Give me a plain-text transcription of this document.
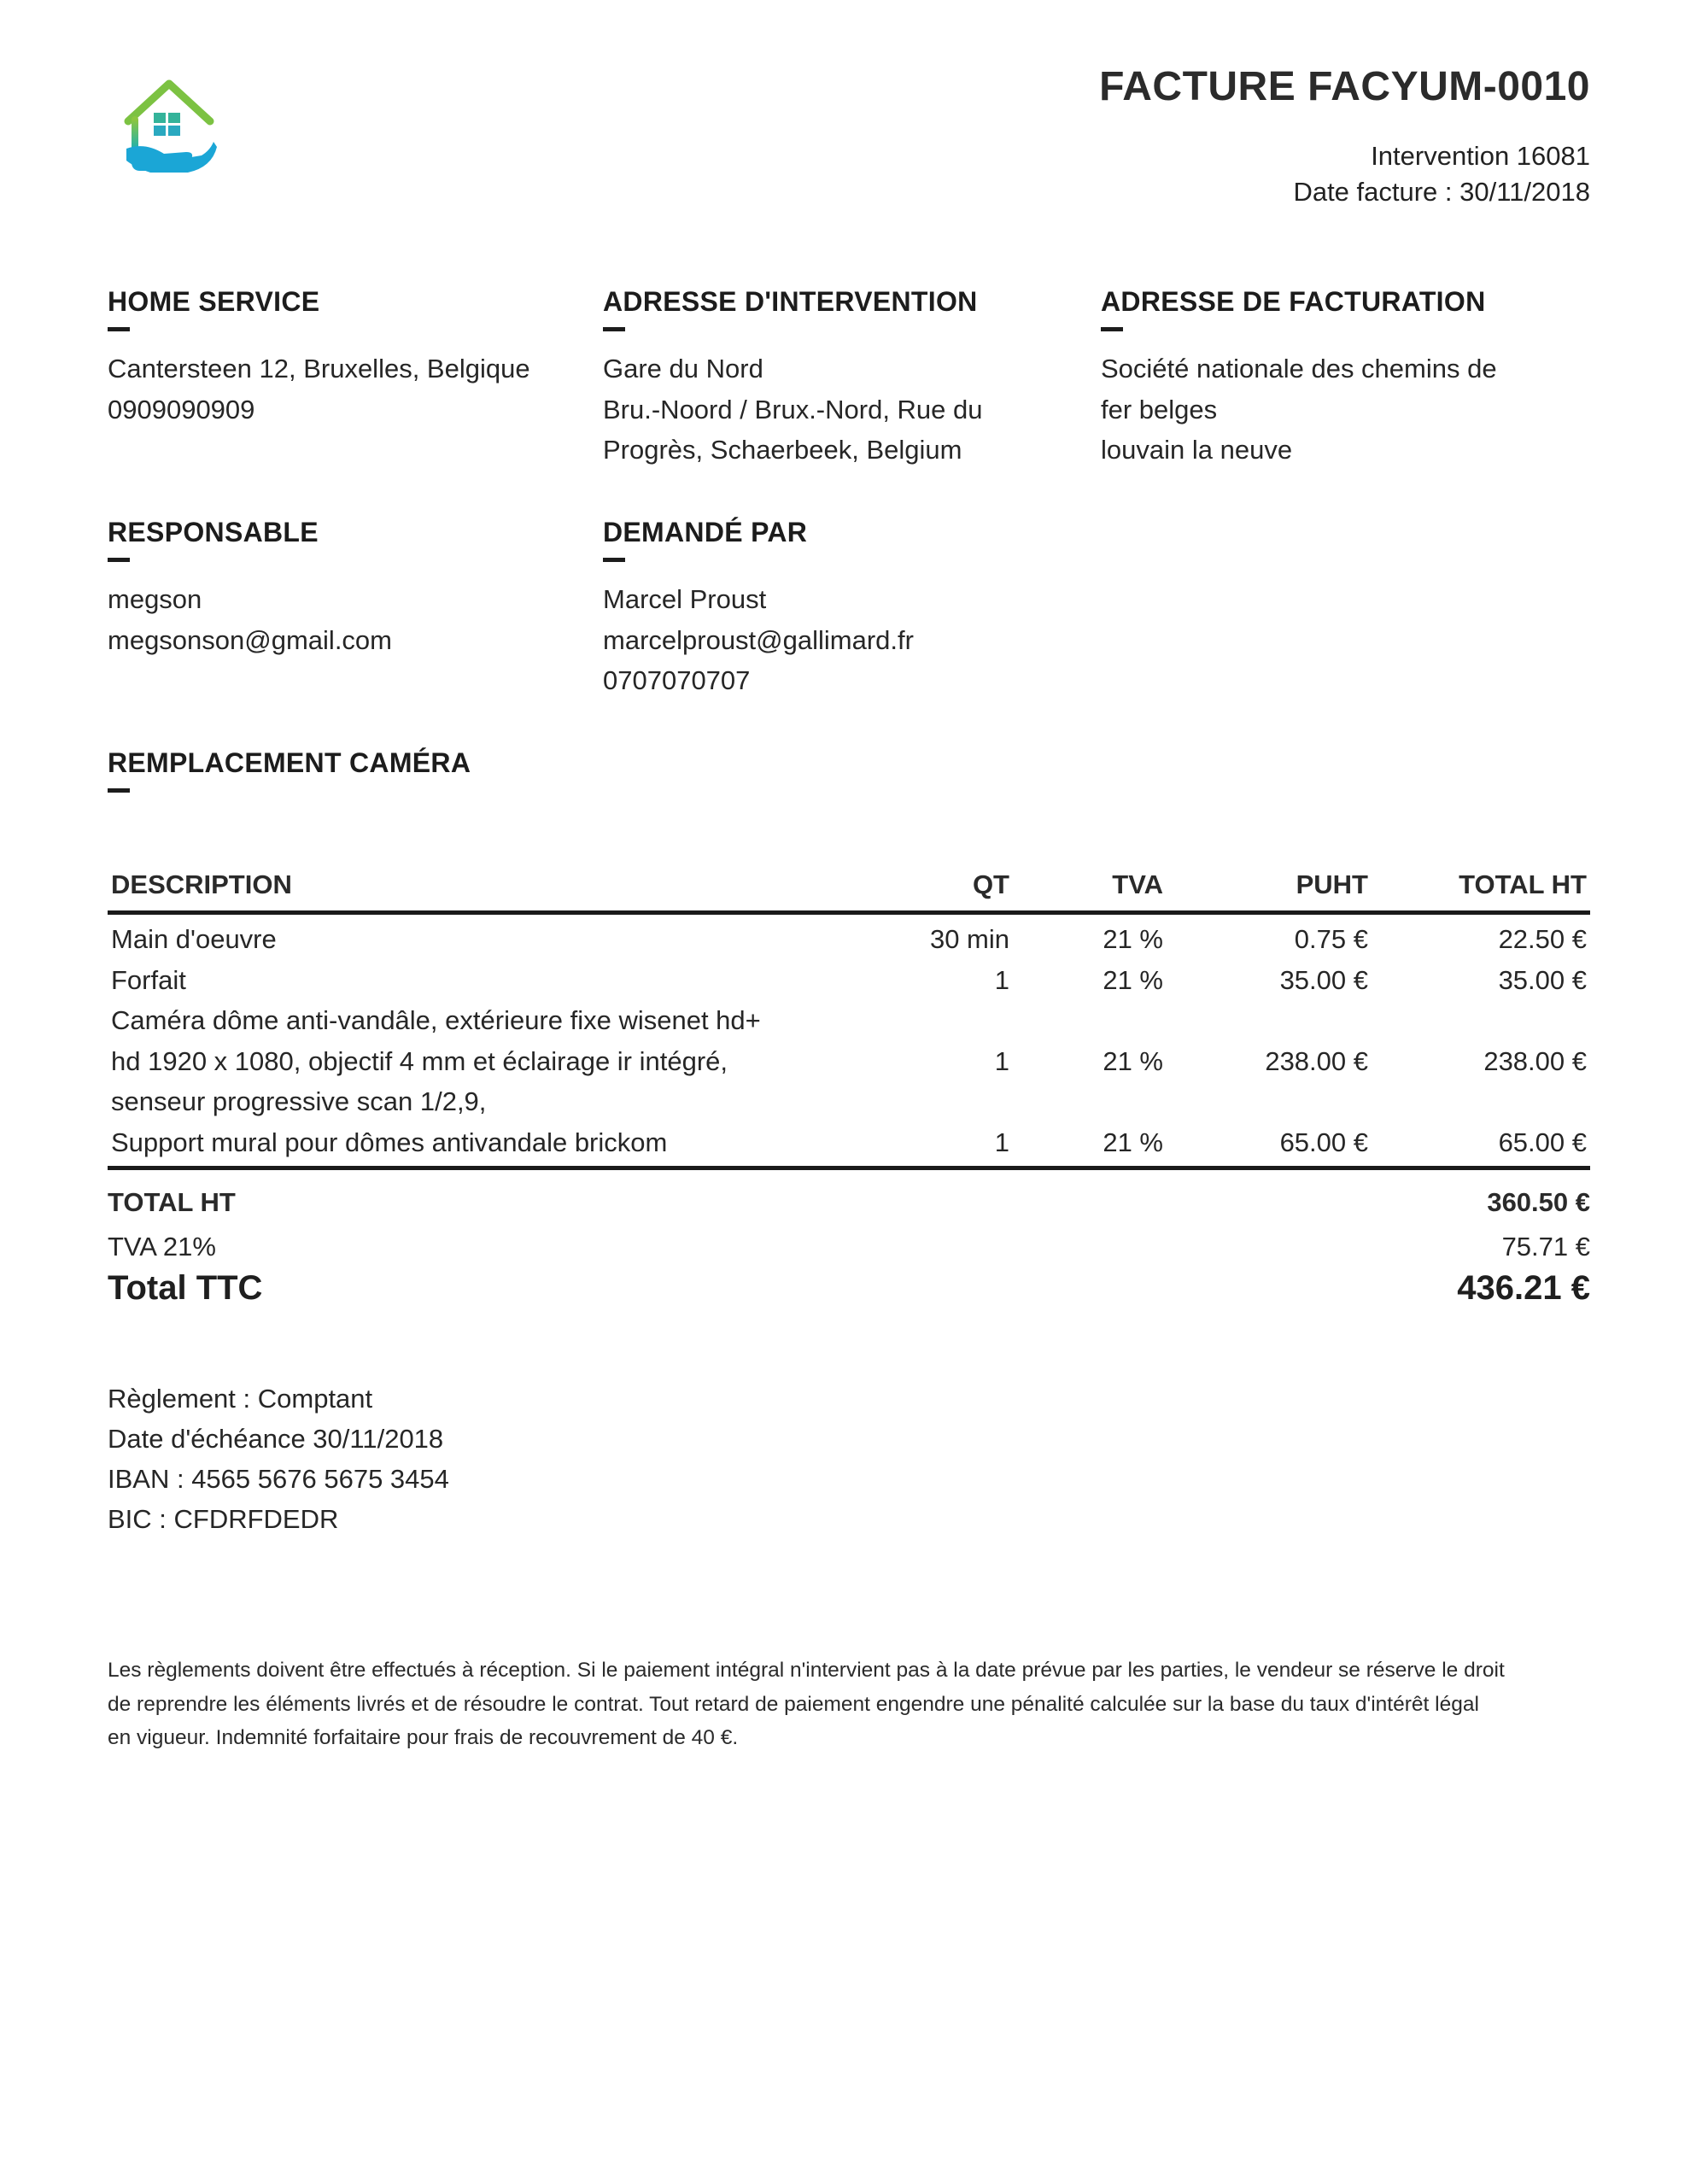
FACTURE FACYUM-0010
Intervention 16081
Date facture : 30/11/2018
HOME SERVICE
Cantersteen 12, Bruxelles, Belgique
0909090909
ADRESSE D'INTERVENTION
Gare du Nord
Bru.-Noord / Brux.-Nord, Rue du
Progrès, Schaerbeek, Belgium
ADRESSE DE FACTURATION
Société nationale des chemins de
fer belges
louvain la neuve
RESPONSABLE
megson
megsonson@gmail.com
DEMANDÉ PAR
Marcel Proust
marcelproust@gallimard.fr
0707070707
REMPLACEMENT CAMÉRA
DESCRIPTION	QT	TVA	PUHT	TOTAL HT

Main d'oeuvre	30 min	21 %	0.75 €	22.50 €

Forfait	1	21 %	35.00 €	35.00 €

Caméra dôme anti-vandâle, extérieure fixe wisenet hd+
hd 1920 x 1080, objectif 4 mm et éclairage ir intégré,
senseur progressive scan 1/2,9,	1	21 %	238.00 €	238.00 €

Support mural pour dômes antivandale brickom	1	21 %	65.00 €	65.00 €
TOTAL HT	360.50 €
TVA 21%	75.71 €
Total TTC	436.21 €
Règlement : Comptant
Date d'échéance 30/11/2018
IBAN : 4565 5676 5675 3454
BIC : CFDRFDEDR
Les règlements doivent être effectués à réception. Si le paiement intégral n'intervient pas à la date prévue par les parties, le vendeur se réserve le droit
de reprendre les éléments livrés et de résoudre le contrat. Tout retard de paiement engendre une pénalité calculée sur la base du taux d'intérêt légal
en vigueur. Indemnité forfaitaire pour frais de recouvrement de 40 €.
